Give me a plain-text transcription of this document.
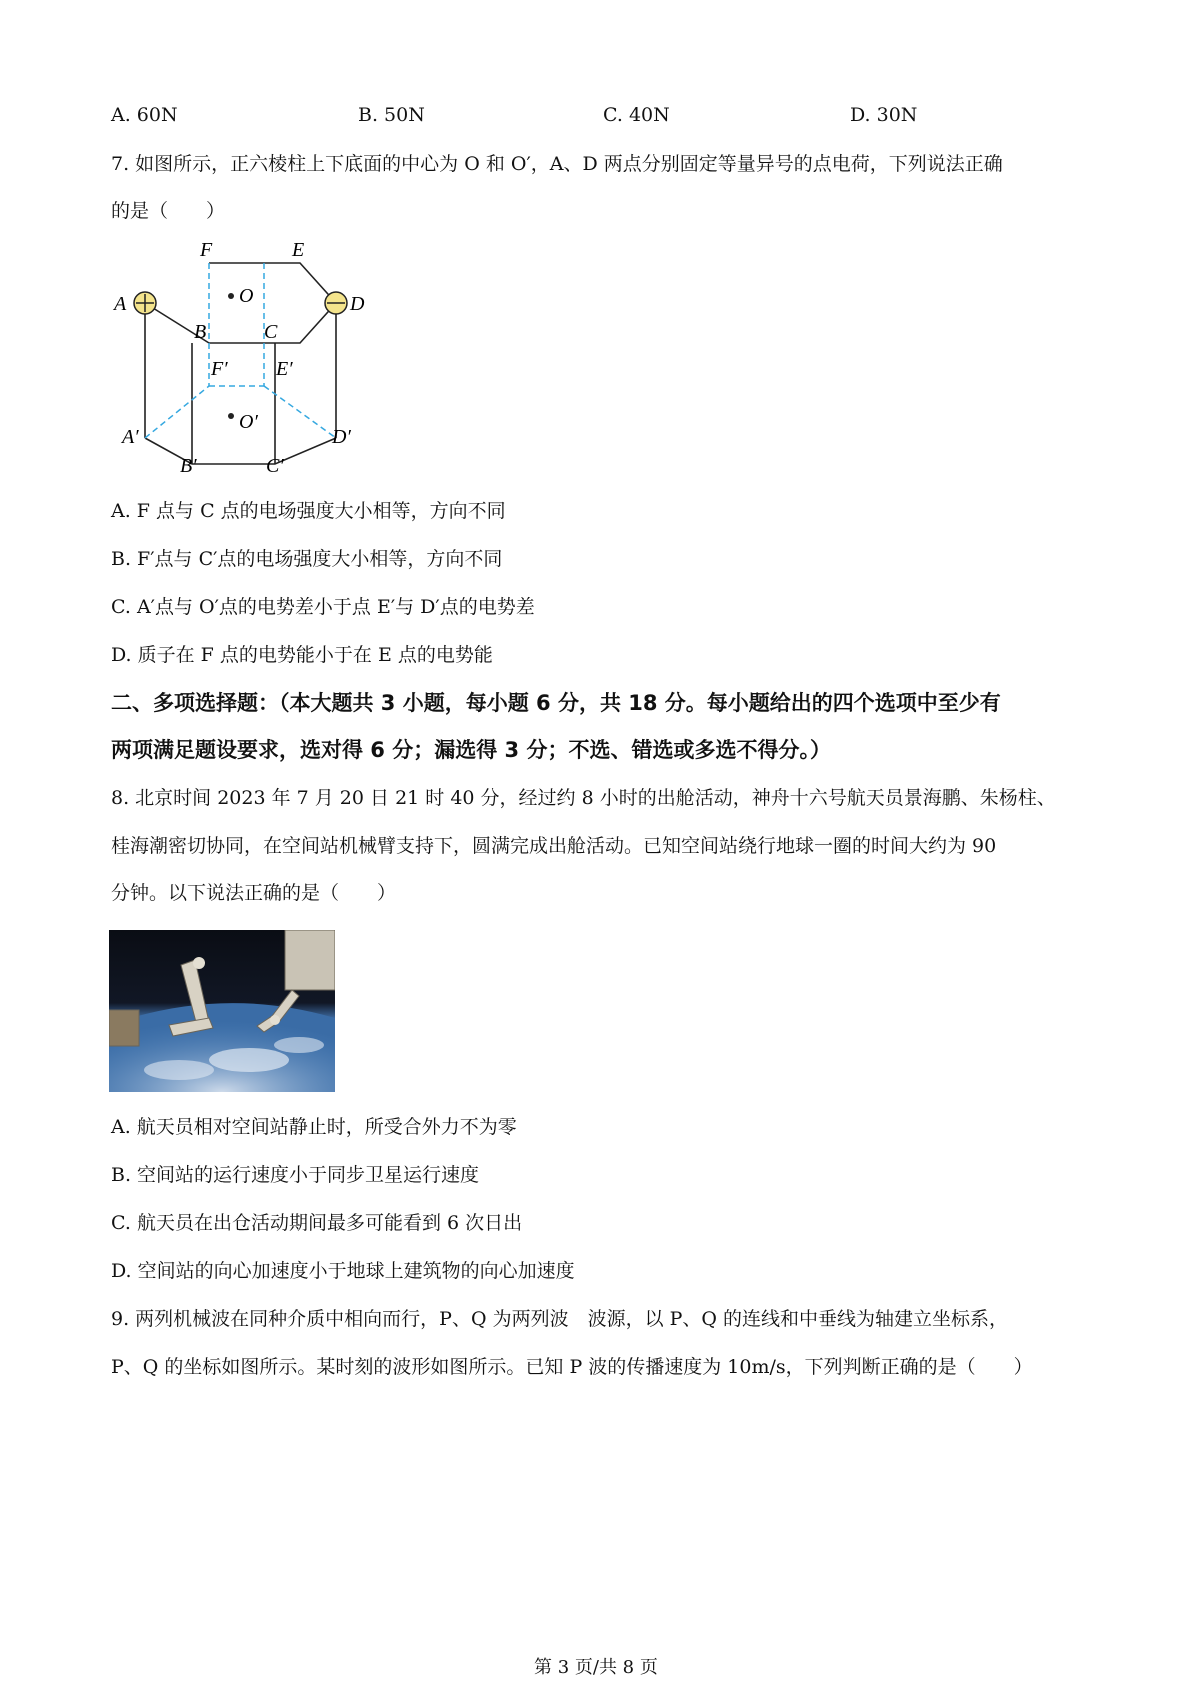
A. 60N	B. 50N	C. 40N	D. 30N
7. 如图所示，正六棱柱上下底面的中心为 O 和 O′，A、D 两点分别固定等量异号的点电荷，下列说法正确
的是（　　）
F	E
A	D
O
B	C
F′ E′
O′
A′	D′
B′	C′
A. F 点与 C 点的电场强度大小相等，方向不同
B. F′点与 C′点的电场强度大小相等，方向不同
C. A′点与 O′点的电势差小于点 E′与 D′点的电势差
D. 质子在 F 点的电势能小于在 E 点的电势能
二、多项选择题：（本大题共 3 小题，每小题 6 分，共 18 分。每小题给出的四个选项中至少有
两项满足题设要求，选对得 6 分；漏选得 3 分；不选、错选或多选不得分。）
8. 北京时间 2023 年 7 月 20 日 21 时 40 分，经过约 8 小时的出舱活动，神舟十六号航天员景海鹏、朱杨柱、
桂海潮密切协同，在空间站机械臂支持下，圆满完成出舱活动。已知空间站绕行地球一圈的时间大约为 90
分钟。以下说法正确的是（　　）
A. 航天员相对空间站静止时，所受合外力不为零
B. 空间站的运行速度小于同步卫星运行速度
C. 航天员在出仓活动期间最多可能看到 6 次日出
D. 空间站的向心加速度小于地球上建筑物的向心加速度
9. 两列机械波在同种介质中相向而行，P、Q 为两列波　波源，以 P、Q 的连线和中垂线为轴建立坐标系，
P、Q 的坐标如图所示。某时刻的波形如图所示。已知 P 波的传播速度为 10m/s，下列判断正确的是（　　）
第 3 页/共 8 页
